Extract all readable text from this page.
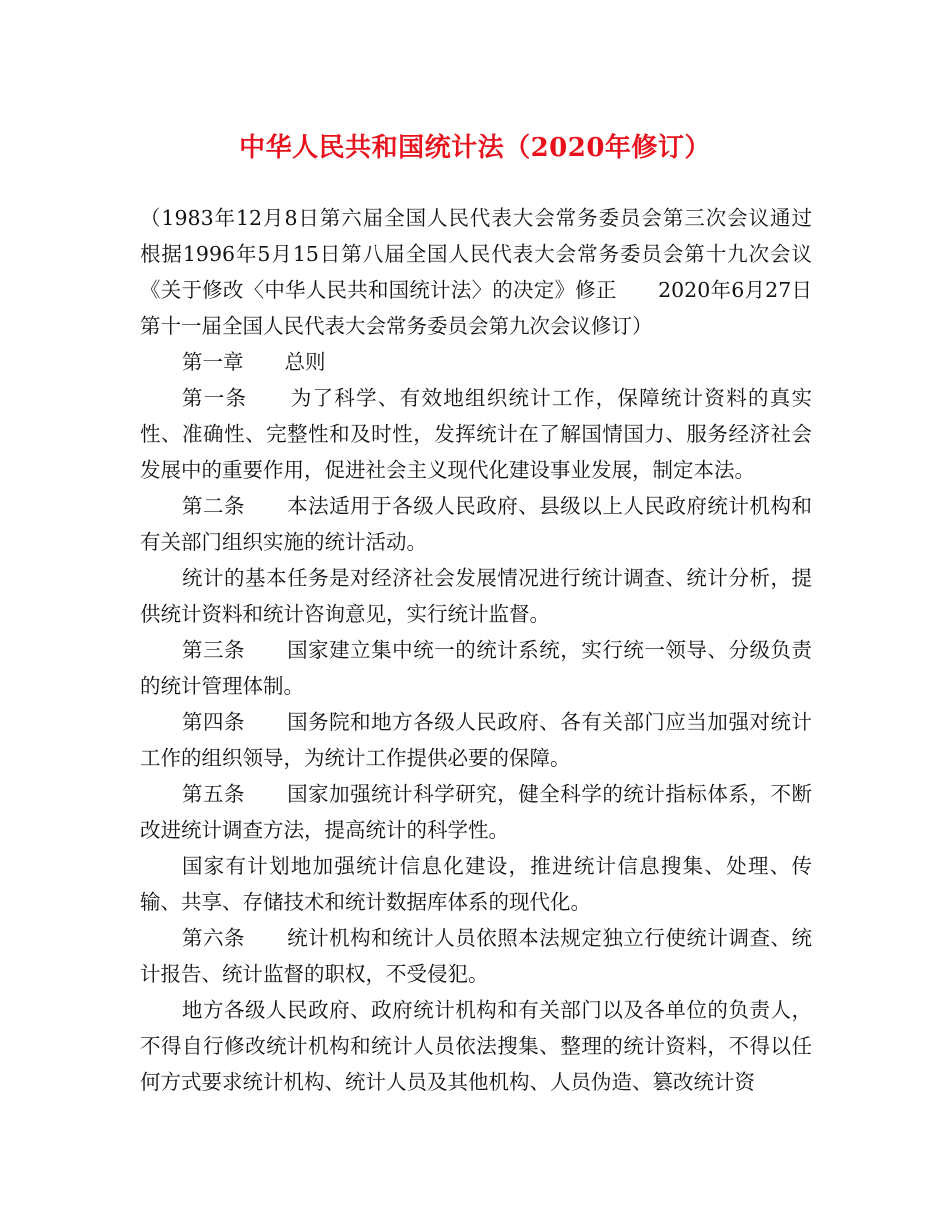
中华人民共和国统计法（2020年修订）

（1983年12月8日第六届全国人民代表大会常务委员会第三次会议通过　　根据1996年5月15日第八届全国人民代表大会常务委员会第十九次会议《关于修改〈中华人民共和国统计法〉的决定》修正　　2020年6月27日第十一届全国人民代表大会常务委员会第九次会议修订）

第一章　　总则

第一条　　为了科学、有效地组织统计工作，保障统计资料的真实性、准确性、完整性和及时性，发挥统计在了解国情国力、服务经济社会发展中的重要作用，促进社会主义现代化建设事业发展，制定本法。

第二条　　本法适用于各级人民政府、县级以上人民政府统计机构和有关部门组织实施的统计活动。

统计的基本任务是对经济社会发展情况进行统计调查、统计分析，提供统计资料和统计咨询意见，实行统计监督。

第三条　　国家建立集中统一的统计系统，实行统一领导、分级负责的统计管理体制。

第四条　　国务院和地方各级人民政府、各有关部门应当加强对统计工作的组织领导，为统计工作提供必要的保障。

第五条　　国家加强统计科学研究，健全科学的统计指标体系，不断改进统计调查方法，提高统计的科学性。

国家有计划地加强统计信息化建设，推进统计信息搜集、处理、传输、共享、存储技术和统计数据库体系的现代化。

第六条　　统计机构和统计人员依照本法规定独立行使统计调查、统计报告、统计监督的职权，不受侵犯。

地方各级人民政府、政府统计机构和有关部门以及各单位的负责人，不得自行修改统计机构和统计人员依法搜集、整理的统计资料，不得以任何方式要求统计机构、统计人员及其他机构、人员伪造、篡改统计资
